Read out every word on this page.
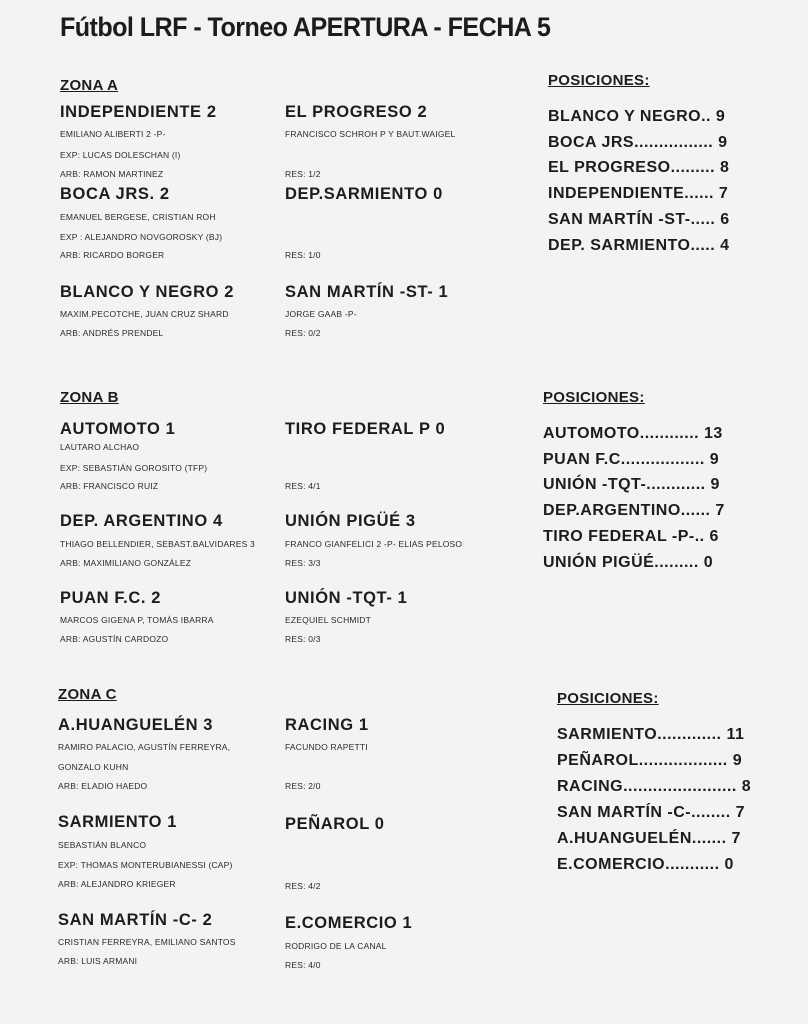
Fútbol LRF - Torneo APERTURA - FECHA 5
ZONA A
INDEPENDIENTE 2	EL PROGRESO 2
EMILIANO ALIBERTI 2 -P-	FRANCISCO SCHROH P Y BAUT.WAIGEL
EXP: LUCAS DOLESCHAN (I)
ARB: RAMON MARTINEZ	RES: 1/2
BOCA JRS. 2	DEP.SARMIENTO 0
EMANUEL BERGESE, CRISTIAN ROH
EXP : ALEJANDRO NOVGOROSKY (BJ)
ARB: RICARDO BORGER	RES: 1/0
BLANCO Y NEGRO 2	SAN MARTÍN -ST- 1
MAXIM.PECOTCHE, JUAN CRUZ SHARD	JORGE GAAB -P-
ARB: ANDRÉS PRENDEL	RES: 0/2
POSICIONES:
BLANCO Y NEGRO.. 9
BOCA JRS................ 9
EL PROGRESO......... 8
INDEPENDIENTE...... 7
SAN MARTÍN -ST-..... 6
DEP. SARMIENTO..... 4
ZONA B
AUTOMOTO 1	TIRO FEDERAL P 0
LAUTARO ALCHAO
EXP: SEBASTIÁN GOROSITO (TFP)
ARB: FRANCISCO RUIZ	RES: 4/1
DEP. ARGENTINO 4	UNIÓN PIGÜÉ 3
THIAGO BELLENDIER, SEBAST.BALVIDARES 3	FRANCO GIANFELICI 2 -P- ELIAS PELOSO
ARB: MAXIMILIANO GONZÁLEZ	RES: 3/3
PUAN F.C. 2	UNIÓN -TQT- 1
MARCOS GIGENA P, TOMÁS IBARRA	EZEQUIEL SCHMIDT
ARB: AGUSTÍN CARDOZO	RES: 0/3
POSICIONES:
AUTOMOTO............ 13
PUAN F.C................. 9
UNIÓN -TQT-............ 9
DEP.ARGENTINO...... 7
TIRO FEDERAL -P-.. 6
UNIÓN PIGÜÉ......... 0
ZONA C
A.HUANGUELÉN 3	RACING 1
RAMIRO PALACIO, AGUSTÍN FERREYRA,	FACUNDO RAPETTI
GONZALO KUHN
ARB: ELADIO HAEDO	RES: 2/0
SARMIENTO 1	PEÑAROL 0
SEBASTIÁN BLANCO
EXP: THOMAS MONTERUBIANESSI (CAP)
ARB: ALEJANDRO KRIEGER	RES: 4/2
SAN MARTÍN -C- 2	E.COMERCIO 1
CRISTIAN FERREYRA, EMILIANO SANTOS	RODRIGO DE LA CANAL
ARB: LUIS ARMANI	RES: 4/0
POSICIONES:
SARMIENTO............. 11
PEÑAROL.................. 9
RACING....................... 8
SAN MARTÍN -C-........ 7
A.HUANGUELÉN....... 7
E.COMERCIO........... 0
